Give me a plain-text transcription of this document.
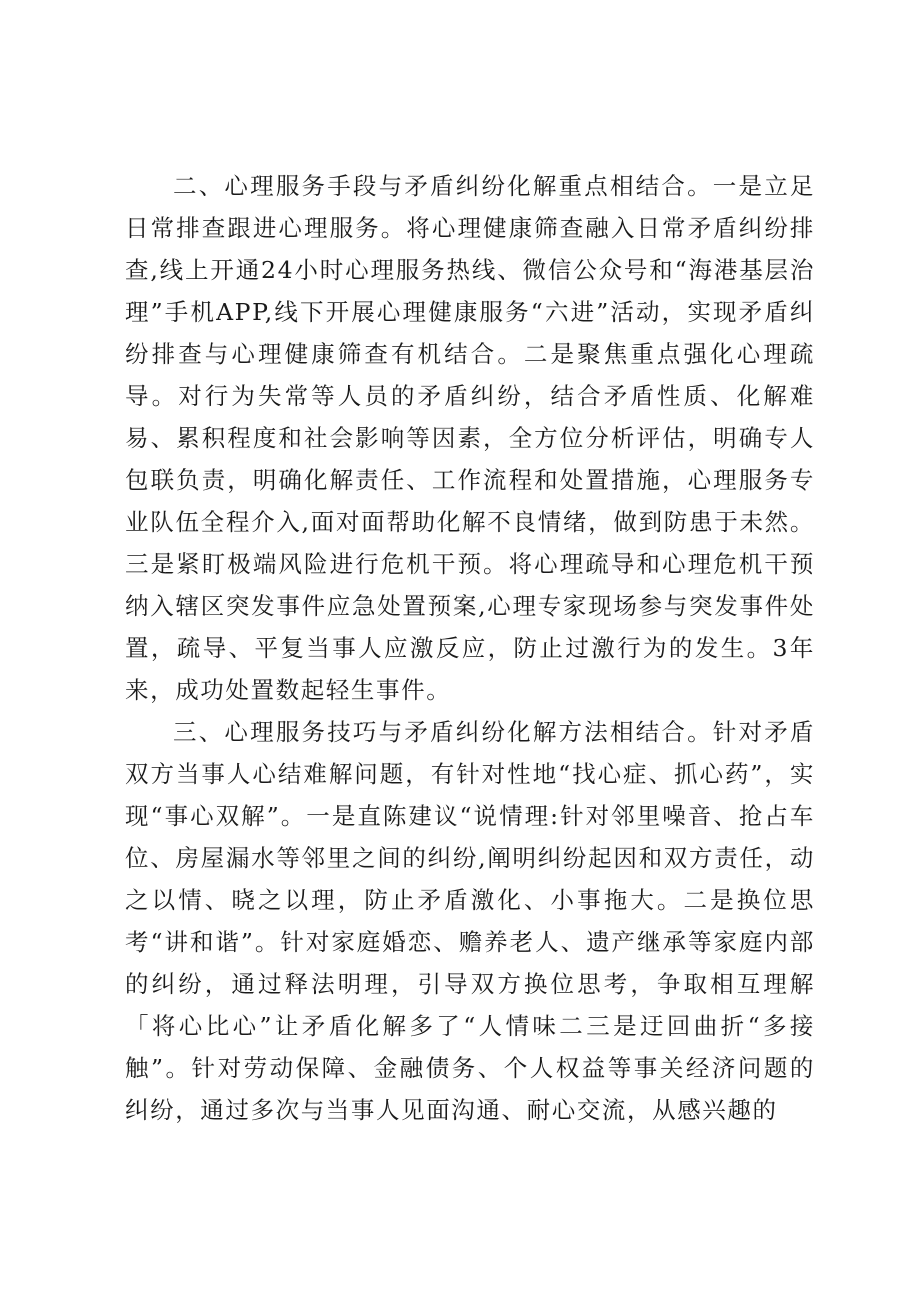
二、心理服务手段与矛盾纠纷化解重点相结合。一是立足日常排查跟进心理服务。将心理健康筛查融入日常矛盾纠纷排查,线上开通24小时心理服务热线、微信公众号和“海港基层治理”手机APP,线下开展心理健康服务“六进”活动，实现矛盾纠纷排查与心理健康筛查有机结合。二是聚焦重点强化心理疏导。对行为失常等人员的矛盾纠纷，结合矛盾性质、化解难易、累积程度和社会影响等因素，全方位分析评估，明确专人包联负责，明确化解责任、工作流程和处置措施，心理服务专业队伍全程介入,面对面帮助化解不良情绪，做到防患于未然。三是紧盯极端风险进行危机干预。将心理疏导和心理危机干预纳入辖区突发事件应急处置预案,心理专家现场参与突发事件处置，疏导、平复当事人应激反应，防止过激行为的发生。3年来，成功处置数起轻生事件。

三、心理服务技巧与矛盾纠纷化解方法相结合。针对矛盾双方当事人心结难解问题，有针对性地“找心症、抓心药”，实现“事心双解”。一是直陈建议“说情理:针对邻里噪音、抢占车位、房屋漏水等邻里之间的纠纷,阐明纠纷起因和双方责任，动之以情、晓之以理，防止矛盾激化、小事拖大。二是换位思考“讲和谐”。针对家庭婚恋、赡养老人、遗产继承等家庭内部的纠纷，通过释法明理，引导双方换位思考，争取相互理解「将心比心”让矛盾化解多了“人情味二三是迂回曲折“多接触”。针对劳动保障、金融债务、个人权益等事关经济问题的纠纷，通过多次与当事人见面沟通、耐心交流，从感兴趣的
